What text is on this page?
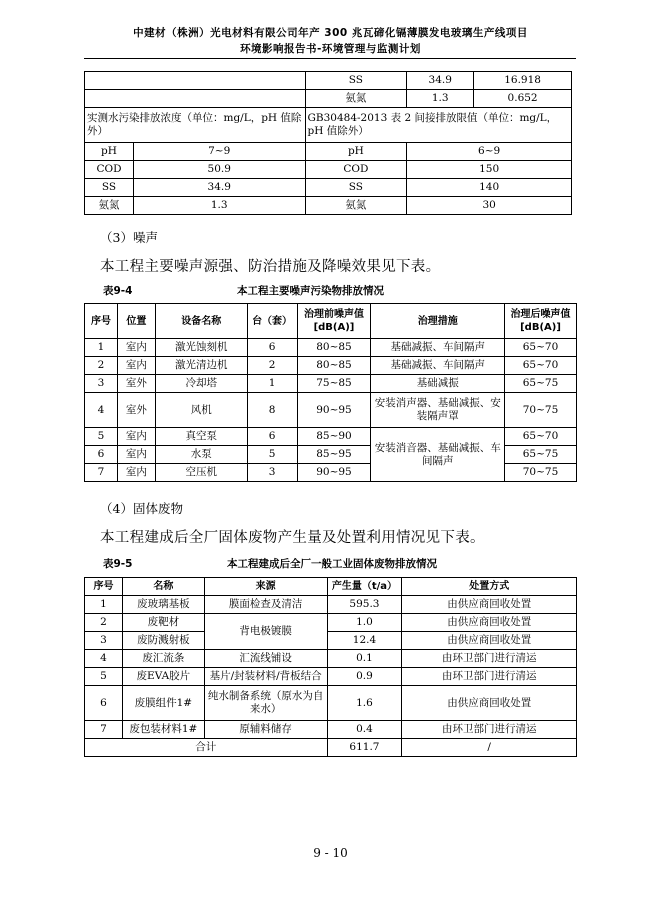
中建材（株洲）光电材料有限公司年产 300 兆瓦碲化镉薄膜发电玻璃生产线项目
环境影响报告书-环境管理与监测计划
		SS	34.9	16.918
		氨氮	1.3	0.652
实测水污染排放浓度（单位：mg/L，pH 值除外）		GB30484-2013 表 2 间接排放限值（单位：mg/L，pH 值除外）		
pH	7~9	pH	6~9	
COD	50.9	COD	150	
SS	34.9	SS	140	
氨氮	1.3	氨氮	30	
（3）噪声
本工程主要噪声源强、防治措施及降噪效果见下表。
表9-4	本工程主要噪声污染物排放情况
序号	位置	设备名称	台（套）	治理前噪声值[dB(A)]	治理措施	治理后噪声值[dB(A)]
1	室内	激光蚀刻机	6	80~85	基础减振、车间隔声	65~70
2	室内	激光清边机	2	80~85	基础减振、车间隔声	65~70
3	室外	冷却塔	1	75~85	基础减振	65~75
4	室外	风机	8	90~95	安装消声器、基础减振、安装隔声罩	70~75
5	室内	真空泵	6	85~90	安装消音器、基础减振、车间隔声	65~70
6	室内	水泵	5	85~95		65~75
7	室内	空压机	3	90~95		70~75
（4）固体废物
本工程建成后全厂固体废物产生量及处置利用情况见下表。
表9-5	本工程建成后全厂一般工业固体废物排放情况
序号	名称	来源	产生量（t/a）	处置方式
1	废玻璃基板	膜面检查及清洁	595.3	由供应商回收处置
2	废靶材	背电极镀膜	1.0	由供应商回收处置
3	废防溅射板		12.4	由供应商回收处置
4	废汇流条	汇流线铺设	0.1	由环卫部门进行清运
5	废EVA胶片	基片/封装材料/背板结合	0.9	由环卫部门进行清运
6	废膜组件1#	纯水制备系统（原水为自来水）	1.6	由供应商回收处置
7	废包装材料1#	原辅料储存	0.4	由环卫部门进行清运
合计			611.7	/
9 - 10
